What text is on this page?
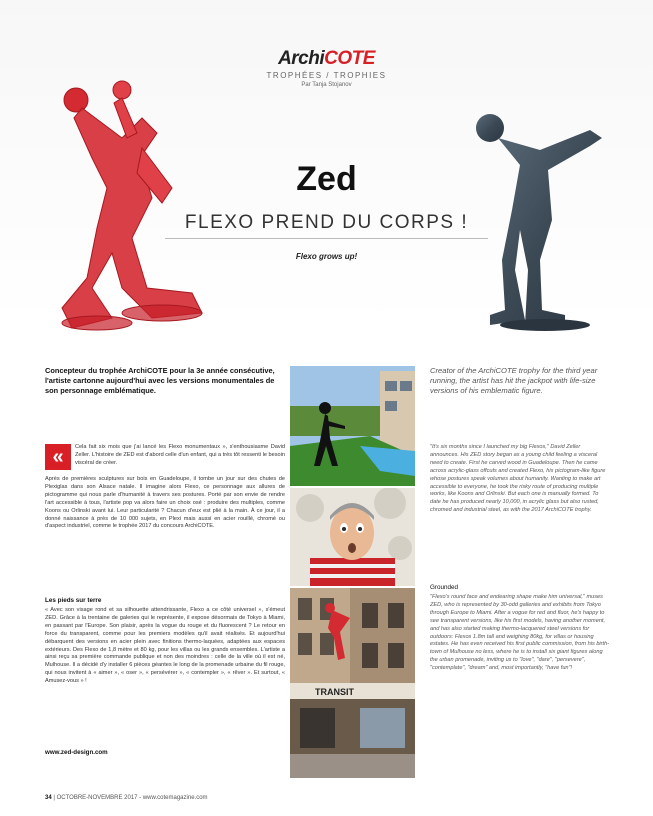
ArchiCOTE
TROPHÉES / TROPHIES
Par Tanja Stojanov
Zed
FLEXO PREND DU CORPS !
Flexo grows up!
Concepteur du trophée ArchiCOTE pour la 3e année consécutive, l'artiste cartonne aujourd'hui avec les versions monumentales de son personnage emblématique.
Creator of the ArchiCOTE trophy for the third year running, the artist has hit the jackpot with life-size versions of his emblematic figure.
«	Cela fait six mois que j'ai lancé les Flexo monumentaux », s'enthousiasme David Zeller. L'histoire de ZED est d'abord celle d'un enfant, qui a très tôt ressenti le besoin viscéral de créer.
Après de premières sculptures sur bois en Guadeloupe, il tombe un jour sur des chutes de Plexiglas dans son Alsace natale. Il imagine alors Flexo, ce personnage aux allures de pictogramme qui nous parle d'humanité à travers ses postures. Porté par son envie de rendre l'art accessible à tous, l'artiste pop va alors faire un choix osé : produire des multiples, comme Koons ou Orlinski avant lui. Leur particularité ? Chacun d'eux est plié à la main. À ce jour, il a donné naissance à près de 10 000 sujets, en Plexi mais aussi en acier rouillé, chromé ou d'aspect industriel, comme le trophée 2017 du concours ArchiCOTE.
Les pieds sur terre
« Avec son visage rond et sa silhouette attendrissante, Flexo a ce côté universel », s'émeut ZED. Grâce à la trentaine de galeries qui le représente, il expose désormais de Tokyo à Miami, en passant par l'Europe. Son plaisir, après la vogue du rouge et du fluorescent ? Le retour en force du transparent, comme pour les premiers modèles qu'il avait réalisés. Et aujourd'hui débarquent des versions en acier plein avec finitions thermo-laquées, adaptées aux espaces extérieurs. Des Flexo de 1,8 mètre et 80 kg, pour les villas ou les grands ensembles. L'artiste a ainsi reçu sa première commande publique et non des moindres : celle de la ville où il est né, Mulhouse. Il a décidé d'y installer 6 pièces géantes le long de la promenade urbaine du fil rouge, qui nous invitent à « aimer », « oser », « persévérer », « contempler », « rêver ». Et surtout, « Amusez-vous » !
www.zed-design.com
TRANSIT
"It's six months since I launched my big Flexos," David Zeller announces. His ZED story began as a young child feeling a visceral need to create. First he carved wood in Guadeloupe. Then he came across acrylic-glass offcuts and created Flexo, his pictogram-like figure whose postures speak volumes about humanity. Wanting to make art accessible to everyone, he took the risky route of producing multiple works, like Koons and Orlinski. But each one is manually formed. To date he has produced nearly 10,000, in acrylic glass but also rusted, chromed and industrial steel, as with the 2017 ArchiCOTE trophy.
Grounded
"Flexo's round face and endearing shape make him universal," muses ZED, who is represented by 30-odd galleries and exhibits from Tokyo through Europe to Miami. After a vogue for red and fluor, he's happy to see transparent versions, like his first models, having another moment, and has also started making thermo-lacquered steel versions for outdoors: Flexos 1.8m tall and weighing 80kg, for villas or housing estates. He has even received his first public commission, from his birth-town of Mulhouse no less, where he is to install six giant figures along the urban promenade, inviting us to "love", "dare", "persevere", "contemplate", "dream" and, most importantly, "have fun"!
34 | OCTOBRE-NOVEMBRE 2017 - www.cotemagazine.com
